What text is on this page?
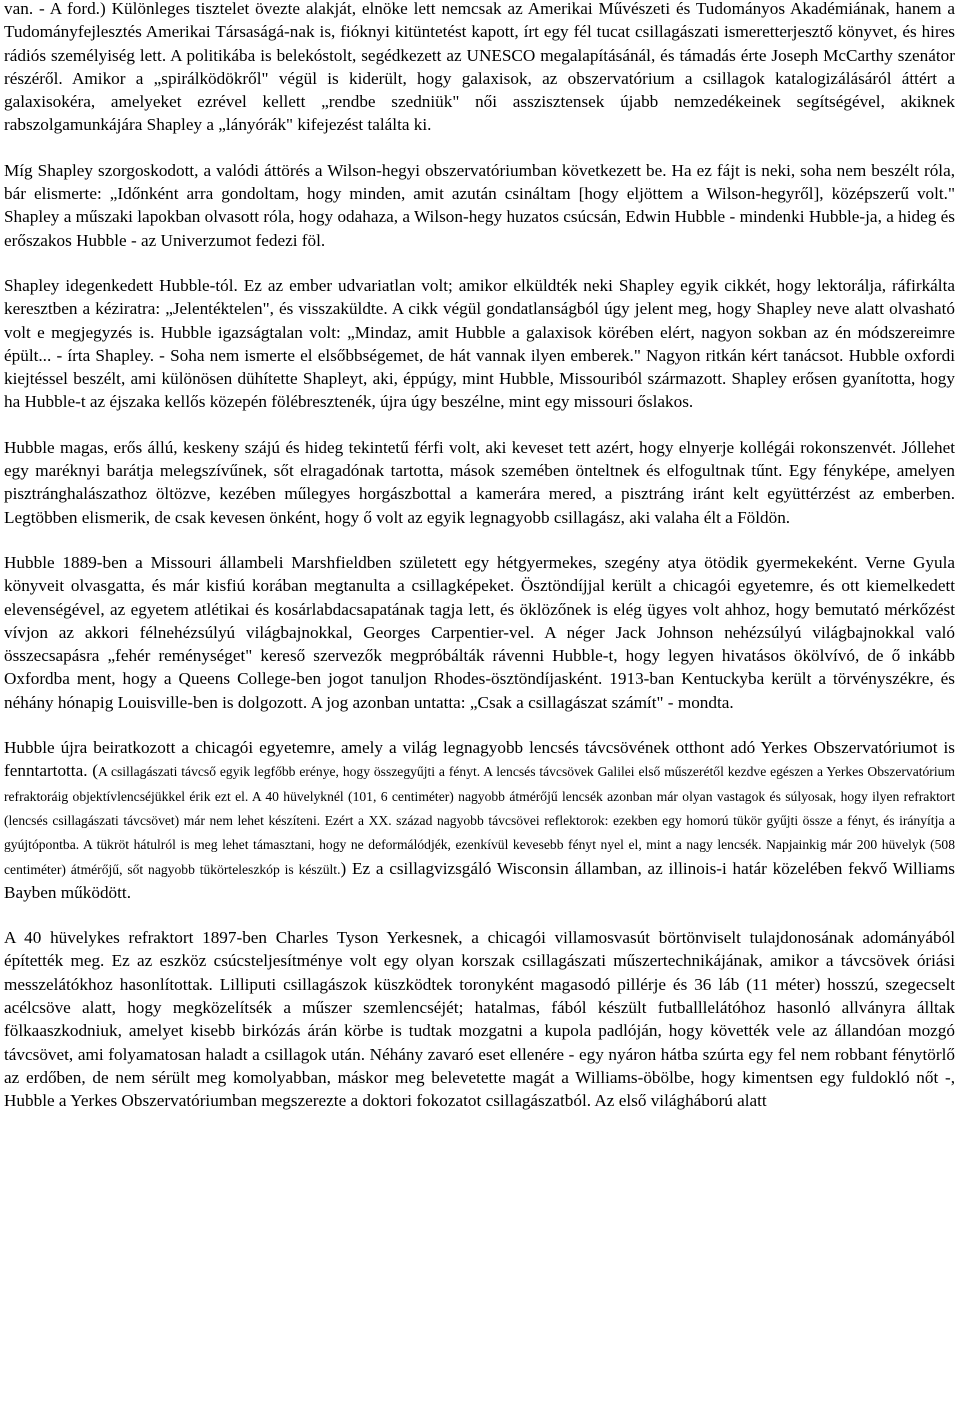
van. - A ford.) Különleges tisztelet övezte alakját, elnöke lett nemcsak az Amerikai Művészeti és Tudományos Akadémiának, hanem a Tudományfejlesztés Amerikai Társaságá-nak is, fióknyi kitüntetést kapott, írt egy fél tucat csillagászati ismeretterjesztő könyvet, és hires rádiós személyiség lett. A politikába is belekóstolt, segédkezett az UNESCO megalapításánál, és támadás érte Joseph McCarthy szenátor részéről. Amikor a „spirálködökről" végül is kiderült, hogy galaxisok, az obszervatórium a csillagok katalogizálásáról áttért a galaxisokéra, amelyeket ezrével kellett „rendbe szedniük" női asszisztensek újabb nemzedékeinek segítségével, akiknek rabszolgamunkájára Shapley a „lányórák" kifejezést találta ki.

Míg Shapley szorgoskodott, a valódi áttörés a Wilson-hegyi obszervatóriumban következett be. Ha ez fájt is neki, soha nem beszélt róla, bár elismerte: „Időnként arra gondoltam, hogy minden, amit azután csináltam [hogy eljöttem a Wilson-hegyről], középszerű volt." Shapley a műszaki lapokban olvasott róla, hogy odahaza, a Wilson-hegy huzatos csúcsán, Edwin Hubble - mindenki Hubble-ja, a hideg és erőszakos Hubble - az Univerzumot fedezi föl.

Shapley idegenkedett Hubble-tól. Ez az ember udvariatlan volt; amikor elküldték neki Shapley egyik cikkét, hogy lektorálja, ráfirkálta keresztben a kéziratra: „Jelentéktelen", és visszaküldte. A cikk végül gondatlanságból úgy jelent meg, hogy Shapley neve alatt olvasható volt e megjegyzés is. Hubble igazságtalan volt: „Mindaz, amit Hubble a galaxisok körében elért, nagyon sokban az én módszereimre épült... - írta Shapley. - Soha nem ismerte el elsőbbségemet, de hát vannak ilyen emberek." Nagyon ritkán kért tanácsot. Hubble oxfordi kiejtéssel beszélt, ami különösen dühítette Shapleyt, aki, éppúgy, mint Hubble, Missouriból származott. Shapley erősen gyanította, hogy ha Hubble-t az éjszaka kellős közepén fölébresztenék, újra úgy beszélne, mint egy missouri őslakos.

Hubble magas, erős állú, keskeny szájú és hideg tekintetű férfi volt, aki keveset tett azért, hogy elnyerje kollégái rokonszenvét. Jóllehet egy maréknyi barátja melegszívűnek, sőt elragadónak tartotta, mások szemében önteltnek és elfogultnak tűnt. Egy fényképe, amelyen pisztránghalászathoz öltözve, kezében műlegyes horgászbottal a kamerára mered, a pisztráng iránt kelt együttérzést az emberben. Legtöbben elismerik, de csak kevesen önként, hogy ő volt az egyik legnagyobb csillagász, aki valaha élt a Földön.

Hubble 1889-ben a Missouri állambeli Marshfieldben született egy hétgyermekes, szegény atya ötödik gyermekeként. Verne Gyula könyveit olvasgatta, és már kisfiú korában megtanulta a csillagképeket. Ösztöndíjjal került a chicagói egyetemre, és ott kiemelkedett elevenségével, az egyetem atlétikai és kosárlabdacsapatának tagja lett, és öklözőnek is elég ügyes volt ahhoz, hogy bemutató mérkőzést vívjon az akkori félnehézsúlyú világbajnokkal, Georges Carpentier-vel. A néger Jack Johnson nehézsúlyú világbajnokkal való összecsapásra „fehér reménységet" kereső szervezők megpróbálták rávenni Hubble-t, hogy legyen hivatásos ökölvívó, de ő inkább Oxfordba ment, hogy a Queens College-ben jogot tanuljon Rhodes-ösztöndíjasként. 1913-ban Kentuckyba került a törvényszékre, és néhány hónapig Louisville-ben is dolgozott. A jog azonban untatta: „Csak a csillagászat számít" - mondta.

Hubble újra beiratkozott a chicagói egyetemre, amely a világ legnagyobb lencsés távcsövének otthont adó Yerkes Obszervatóriumot is fenntartotta. (A csillagászati távcső egyik legfőbb erénye, hogy összegyűjti a fényt. A lencsés távcsövek Galilei első műszerétől kezdve egészen a Yerkes Obszervatórium refraktoráig objektívlencséjükkel érik ezt el. A 40 hüvelyknél (101, 6 centiméter) nagyobb átmérőjű lencsék azonban már olyan vastagok és súlyosak, hogy ilyen refraktort (lencsés csillagászati távcsövet) már nem lehet készíteni. Ezért a XX. század nagyobb távcsövei reflektorok: ezekben egy homorú tükör gyűjti össze a fényt, és irányítja a gyújtópontba. A tükröt hátulról is meg lehet támasztani, hogy ne deformálódjék, ezenkívül kevesebb fényt nyel el, mint a nagy lencsék. Napjainkig már 200 hüvelyk (508 centiméter) átmérőjű, sőt nagyobb tükörteleszkóp is készült.) Ez a csillagvizsgáló Wisconsin államban, az illinois-i határ közelében fekvő Williams Bayben működött.

A 40 hüvelykes refraktort 1897-ben Charles Tyson Yerkesnek, a chicagói villamosvasút börtönviselt tulajdonosának adományából építették meg. Ez az eszköz csúcsteljesítménye volt egy olyan korszak csillagászati műszertechnikájának, amikor a távcsövek óriási messzelátókhoz hasonlítottak. Lilliputi csillagászok küszködtek toronyként magasodó pillérje és 36 láb (11 méter) hosszú, szegecselt acélcsöve alatt, hogy megközelítsék a műszer szemlencséjét; hatalmas, fából készült futballlelátóhoz hasonló allványra álltak fölkaaszkodniuk, amelyet kisebb birkózás árán körbe is tudtak mozgatni a kupola padlóján, hogy követték vele az állandóan mozgó távcsövet, ami folyamatosan haladt a csillagok után. Néhány zavaró eset ellenére - egy nyáron hátba szúrta egy fel nem robbant fénytörlő az erdőben, de nem sérült meg komolyabban, máskor meg belevetette magát a Williams-öbölbe, hogy kimentsen egy fuldokló nőt -, Hubble a Yerkes Obszervatóriumban megszerezte a doktori fokozatot csillagászatból. Az első világháború alatt
